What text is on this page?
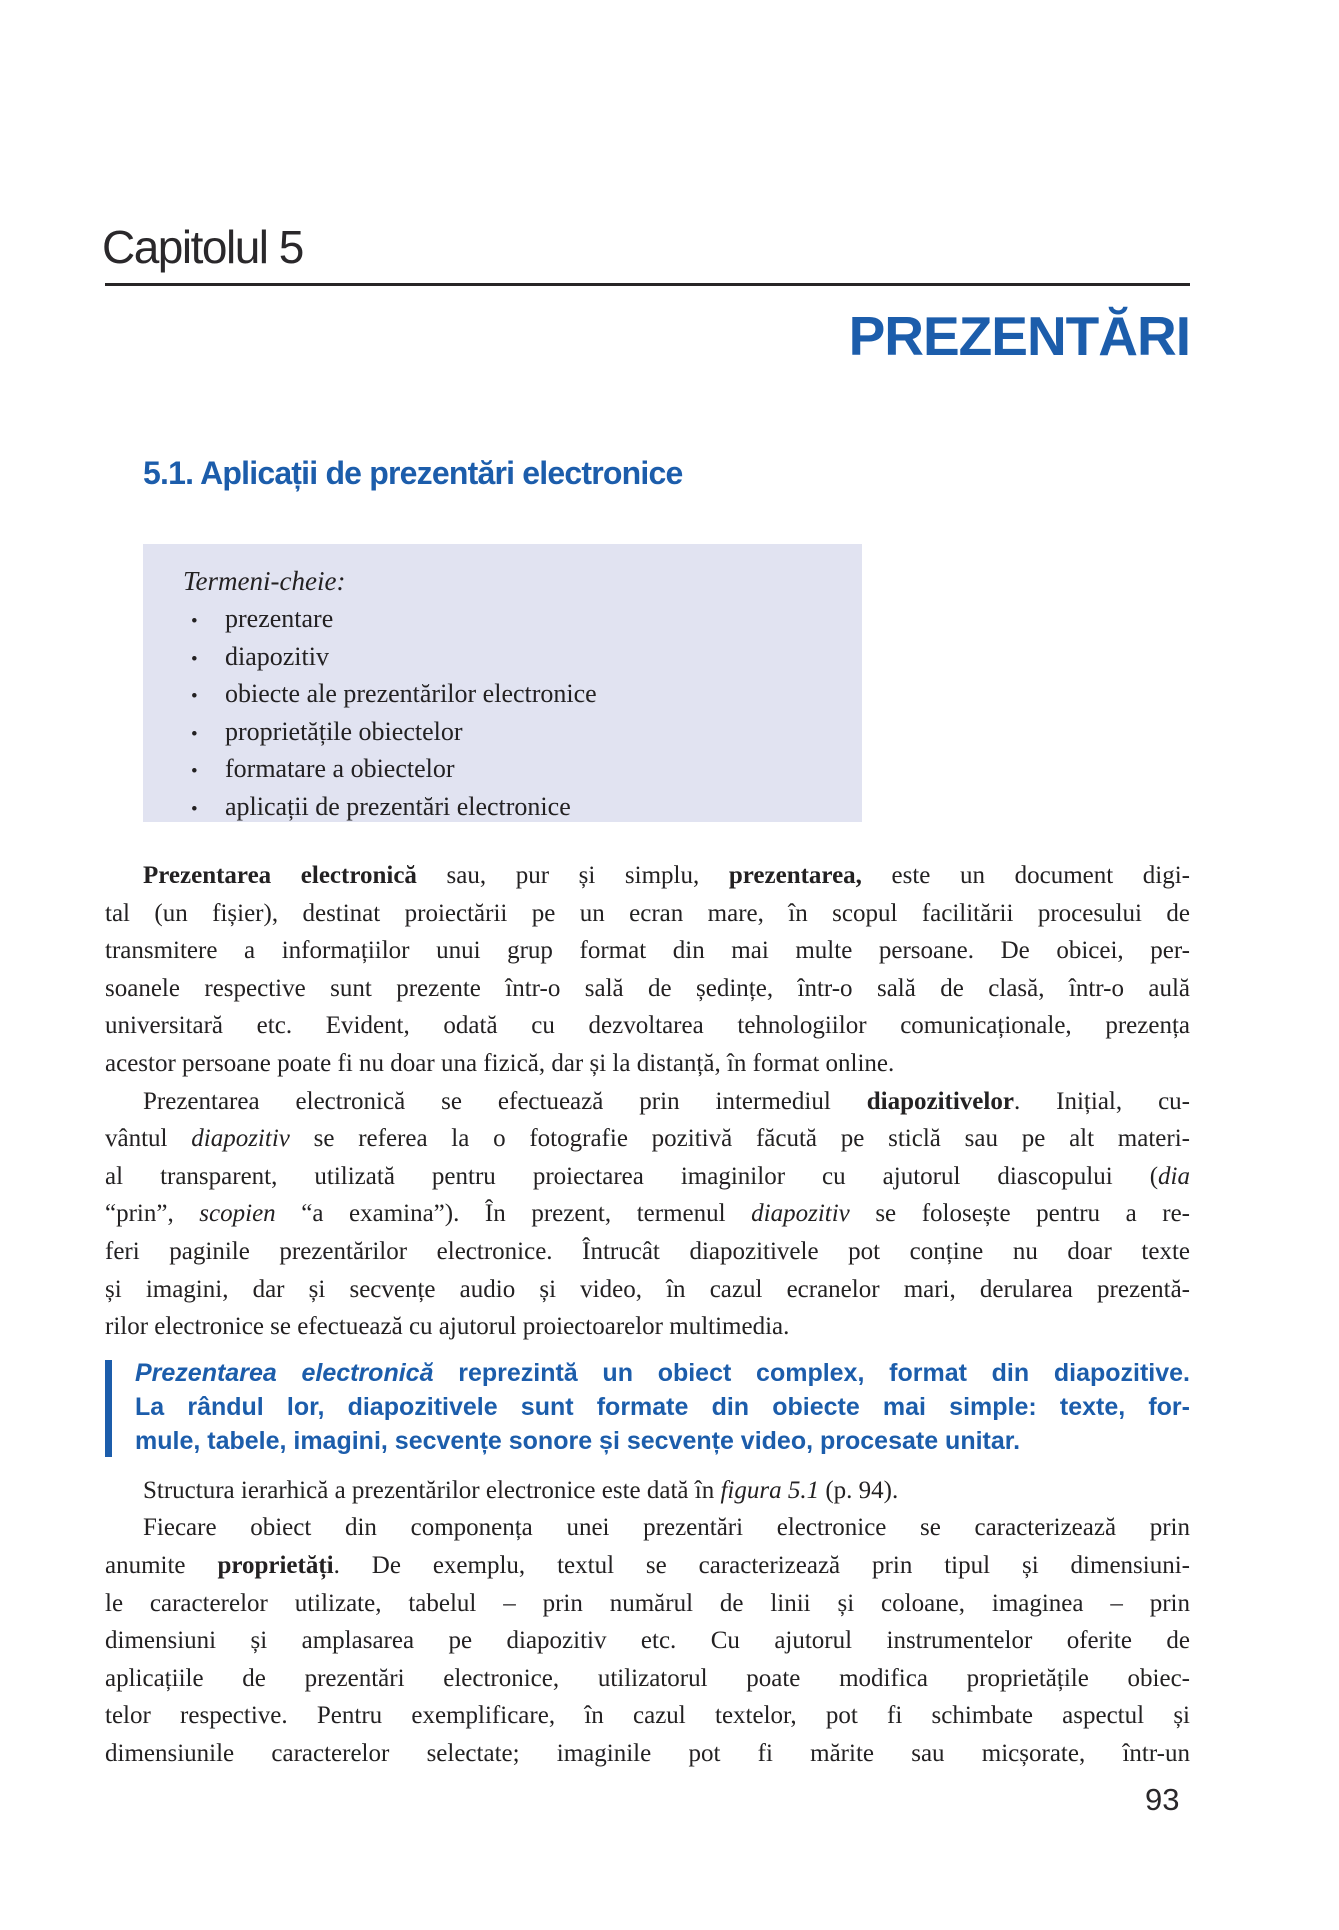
Capitolul 5
PREZENTĂRI
5.1. Aplicații de prezentări electronice
Termeni-cheie:
•	prezentare
•	diapozitiv
•	obiecte ale prezentărilor electronice
•	proprietățile obiectelor
•	formatare a obiectelor
•	aplicații de prezentări electronice
Prezentarea electronică sau, pur și simplu, prezentarea, este un document digi-
tal (un fișier), destinat proiectării pe un ecran mare, în scopul facilitării procesului de
transmitere a informațiilor unui grup format din mai multe persoane. De obicei, per-
soanele respective sunt prezente într-o sală de ședințe, într-o sală de clasă, într-o aulă
universitară etc. Evident, odată cu dezvoltarea tehnologiilor comunicaționale, prezența
acestor persoane poate fi nu doar una fizică, dar și la distanță, în format online.
Prezentarea electronică se efectuează prin intermediul diapozitivelor. Inițial, cu-
vântul diapozitiv se referea la o fotografie pozitivă făcută pe sticlă sau pe alt materi-
al transparent, utilizată pentru proiectarea imaginilor cu ajutorul diascopului (dia
“prin”, scopien “a examina”). În prezent, termenul diapozitiv se folosește pentru a re-
feri paginile prezentărilor electronice. Întrucât diapozitivele pot conține nu doar texte
și imagini, dar și secvențe audio și video, în cazul ecranelor mari, derularea prezentă-
rilor electronice se efectuează cu ajutorul proiectoarelor multimedia.
Prezentarea electronică reprezintă un obiect complex, format din diapozitive.
La rândul lor, diapozitivele sunt formate din obiecte mai simple: texte, for-
mule, tabele, imagini, secvențe sonore și secvențe video, procesate unitar.
Structura ierarhică a prezentărilor electronice este dată în figura 5.1 (p. 94).
Fiecare obiect din componența unei prezentări electronice se caracterizează prin
anumite proprietăți. De exemplu, textul se caracterizează prin tipul și dimensiuni-
le caracterelor utilizate, tabelul – prin numărul de linii și coloane, imaginea – prin
dimensiuni și amplasarea pe diapozitiv etc. Cu ajutorul instrumentelor oferite de
aplicațiile de prezentări electronice, utilizatorul poate modifica proprietățile obiec-
telor respective. Pentru exemplificare, în cazul textelor, pot fi schimbate aspectul și
dimensiunile caracterelor selectate; imaginile pot fi mărite sau micșorate, într-un
93
